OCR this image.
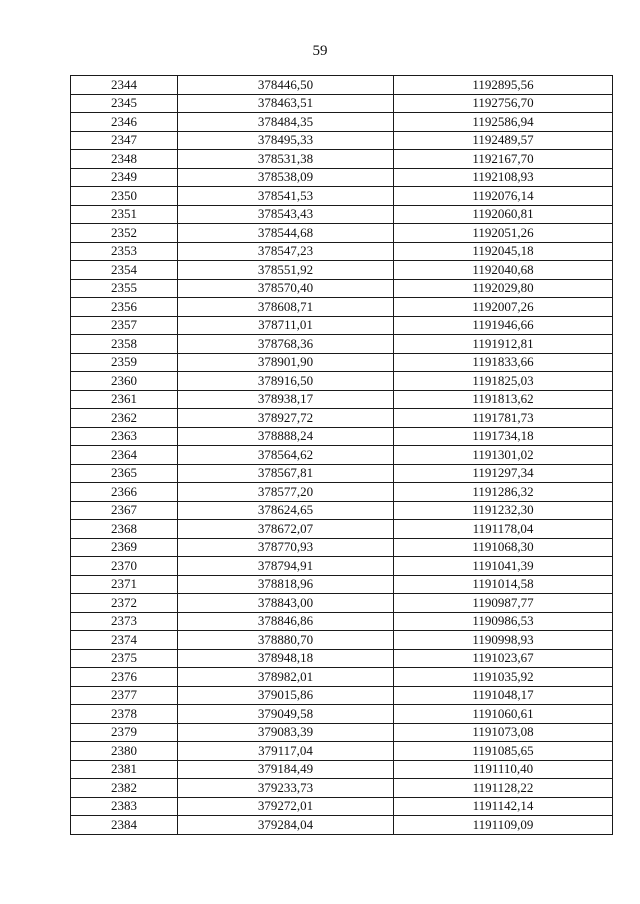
59
2344	378446,50	1192895,56
2345	378463,51	1192756,70
2346	378484,35	1192586,94
2347	378495,33	1192489,57
2348	378531,38	1192167,70
2349	378538,09	1192108,93
2350	378541,53	1192076,14
2351	378543,43	1192060,81
2352	378544,68	1192051,26
2353	378547,23	1192045,18
2354	378551,92	1192040,68
2355	378570,40	1192029,80
2356	378608,71	1192007,26
2357	378711,01	1191946,66
2358	378768,36	1191912,81
2359	378901,90	1191833,66
2360	378916,50	1191825,03
2361	378938,17	1191813,62
2362	378927,72	1191781,73
2363	378888,24	1191734,18
2364	378564,62	1191301,02
2365	378567,81	1191297,34
2366	378577,20	1191286,32
2367	378624,65	1191232,30
2368	378672,07	1191178,04
2369	378770,93	1191068,30
2370	378794,91	1191041,39
2371	378818,96	1191014,58
2372	378843,00	1190987,77
2373	378846,86	1190986,53
2374	378880,70	1190998,93
2375	378948,18	1191023,67
2376	378982,01	1191035,92
2377	379015,86	1191048,17
2378	379049,58	1191060,61
2379	379083,39	1191073,08
2380	379117,04	1191085,65
2381	379184,49	1191110,40
2382	379233,73	1191128,22
2383	379272,01	1191142,14
2384	379284,04	1191109,09
